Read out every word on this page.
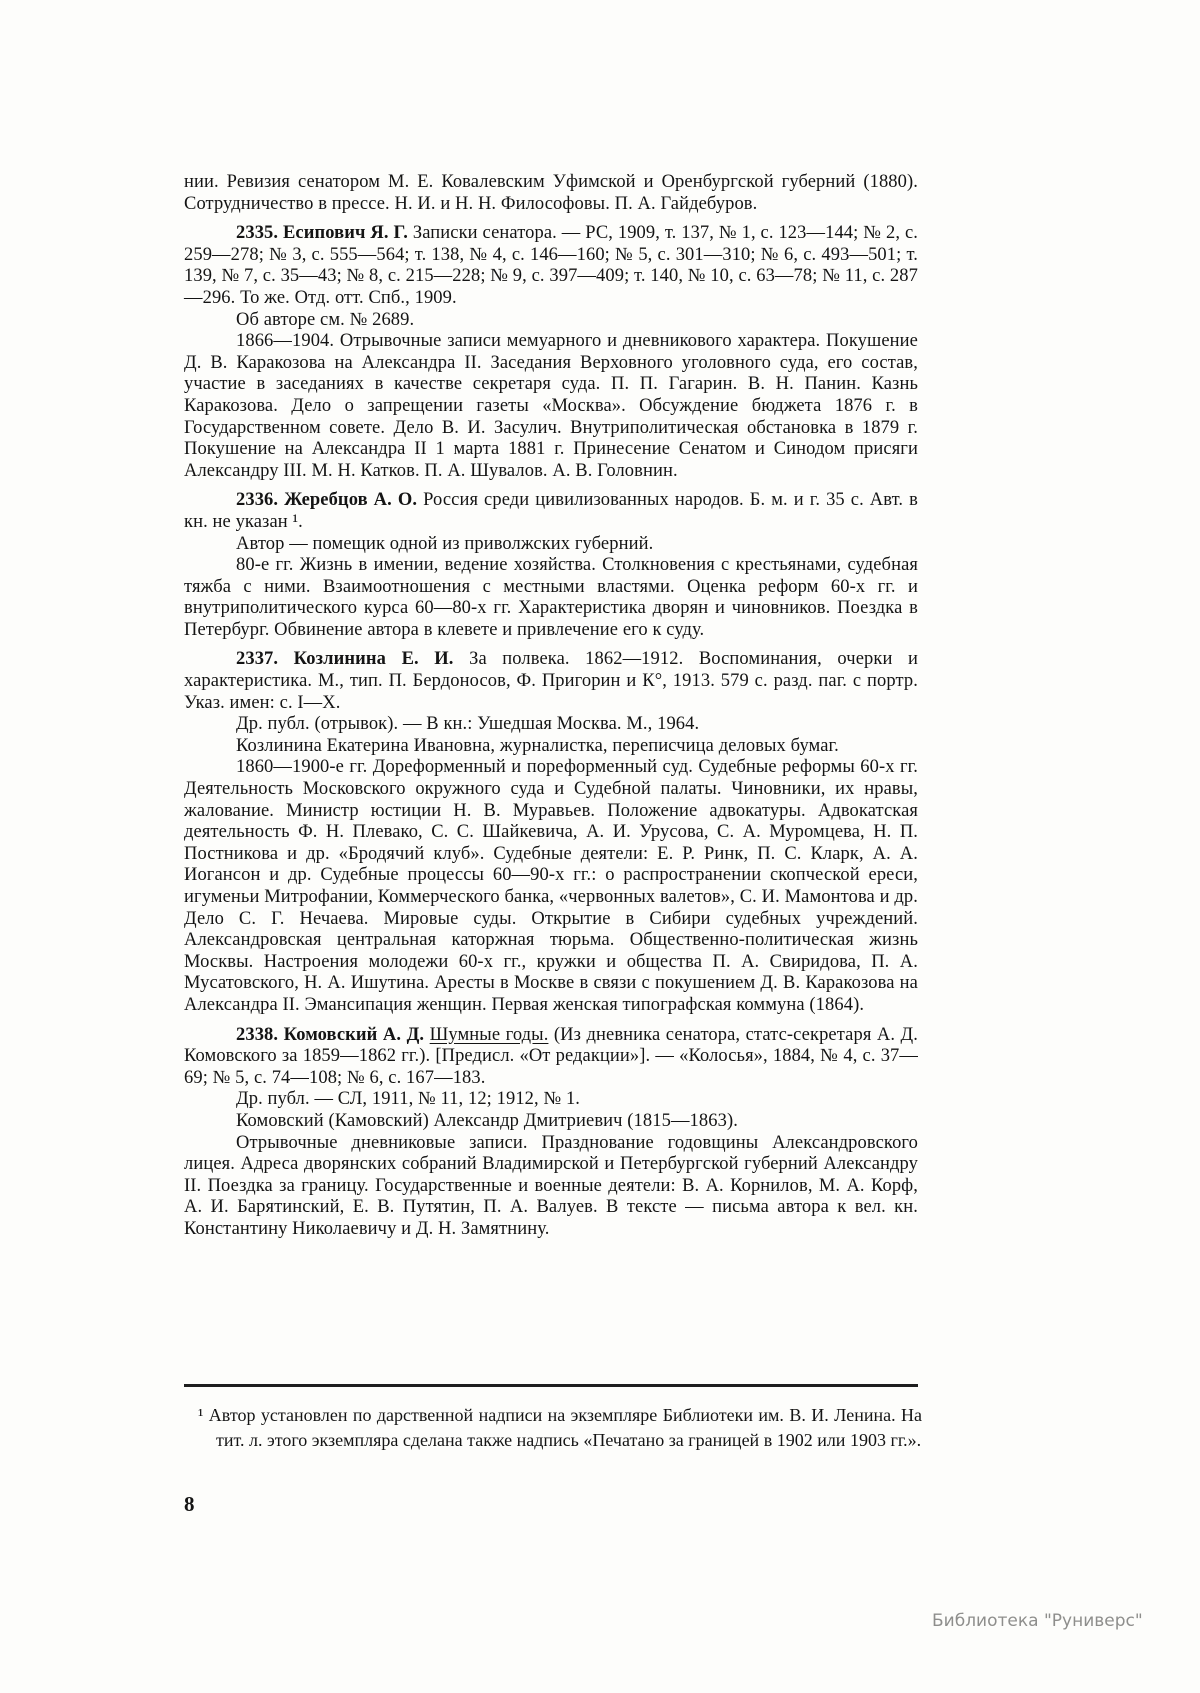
нии. Ревизия сенатором М. Е. Ковалевским Уфимской и Оренбургской губерний (1880). Сотрудничество в прессе. Н. И. и Н. Н. Философовы. П. А. Гайдебуров.

2335. Есипович Я. Г. Записки сенатора. — РС, 1909, т. 137, № 1, с. 123—144; № 2, с. 259—278; № 3, с. 555—564; т. 138, № 4, с. 146—160; № 5, с. 301—310; № 6, с. 493—501; т. 139, № 7, с. 35—43; № 8, с. 215—228; № 9, с. 397—409; т. 140, № 10, с. 63—78; № 11, с. 287—296. То же. Отд. отт. Спб., 1909.

Об авторе см. № 2689.

1866—1904. Отрывочные записи мемуарного и дневникового характера. Покушение Д. В. Каракозова на Александра II. Заседания Верховного уголовного суда, его состав, участие в заседаниях в качестве секретаря суда. П. П. Гагарин. В. Н. Панин. Казнь Каракозова. Дело о запрещении газеты «Москва». Обсуждение бюджета 1876 г. в Государственном совете. Дело В. И. Засулич. Внутриполитическая обстановка в 1879 г. Покушение на Александра II 1 марта 1881 г. Принесение Сенатом и Синодом присяги Александру III. М. Н. Катков. П. А. Шувалов. А. В. Головнин.

2336. Жеребцов А. О. Россия среди цивилизованных народов. Б. м. и г. 35 с. Авт. в кн. не указан ¹.

Автор — помещик одной из приволжских губерний.

80-е гг. Жизнь в имении, ведение хозяйства. Столкновения с крестьянами, судебная тяжба с ними. Взаимоотношения с местными властями. Оценка реформ 60-х гг. и внутриполитического курса 60—80-х гг. Характеристика дворян и чиновников. Поездка в Петербург. Обвинение автора в клевете и привлечение его к суду.

2337. Козлинина Е. И. За полвека. 1862—1912. Воспоминания, очерки и характеристика. М., тип. П. Бердоносов, Ф. Пригорин и К°, 1913. 579 с. разд. паг. с портр. Указ. имен: с. I—X.

Др. публ. (отрывок). — В кн.: Ушедшая Москва. М., 1964.

Козлинина Екатерина Ивановна, журналистка, переписчица деловых бумаг.

1860—1900-е гг. Дореформенный и пореформенный суд. Судебные реформы 60-х гг. Деятельность Московского окружного суда и Судебной палаты. Чиновники, их нравы, жалование. Министр юстиции Н. В. Муравьев. Положение адвокатуры. Адвокатская деятельность Ф. Н. Плевако, С. С. Шайкевича, А. И. Урусова, С. А. Муромцева, Н. П. Постникова и др. «Бродячий клуб». Судебные деятели: Е. Р. Ринк, П. С. Кларк, А. А. Иогансон и др. Судебные процессы 60—90-х гг.: о распространении скопческой ереси, игуменьи Митрофании, Коммерческого банка, «червонных валетов», С. И. Мамонтова и др. Дело С. Г. Нечаева. Мировые суды. Открытие в Сибири судебных учреждений. Александровская центральная каторжная тюрьма. Общественно-политическая жизнь Москвы. Настроения молодежи 60-х гг., кружки и общества П. А. Свиридова, П. А. Мусатовского, Н. А. Ишутина. Аресты в Москве в связи с покушением Д. В. Каракозова на Александра II. Эмансипация женщин. Первая женская типографская коммуна (1864).

2338. Комовский А. Д. Шумные годы. (Из дневника сенатора, статс-секретаря А. Д. Комовского за 1859—1862 гг.). [Предисл. «От редакции»]. — «Колосья», 1884, № 4, с. 37—69; № 5, с. 74—108; № 6, с. 167—183.

Др. публ. — СЛ, 1911, № 11, 12; 1912, № 1.

Комовский (Камовский) Александр Дмитриевич (1815—1863).

Отрывочные дневниковые записи. Празднование годовщины Александровского лицея. Адреса дворянских собраний Владимирской и Петербургской губерний Александру II. Поездка за границу. Государственные и военные деятели: В. А. Корнилов, М. А. Корф, А. И. Барятинский, Е. В. Путятин, П. А. Валуев. В тексте — письма автора к вел. кн. Константину Николаевичу и Д. Н. Замятнину.

¹ Автор установлен по дарственной надписи на экземпляре Библиотеки им. В. И. Ленина. На тит. л. этого экземпляра сделана также надпись «Печатано за границей в 1902 или 1903 гг.».

8
Библиотека "Руниверс"
